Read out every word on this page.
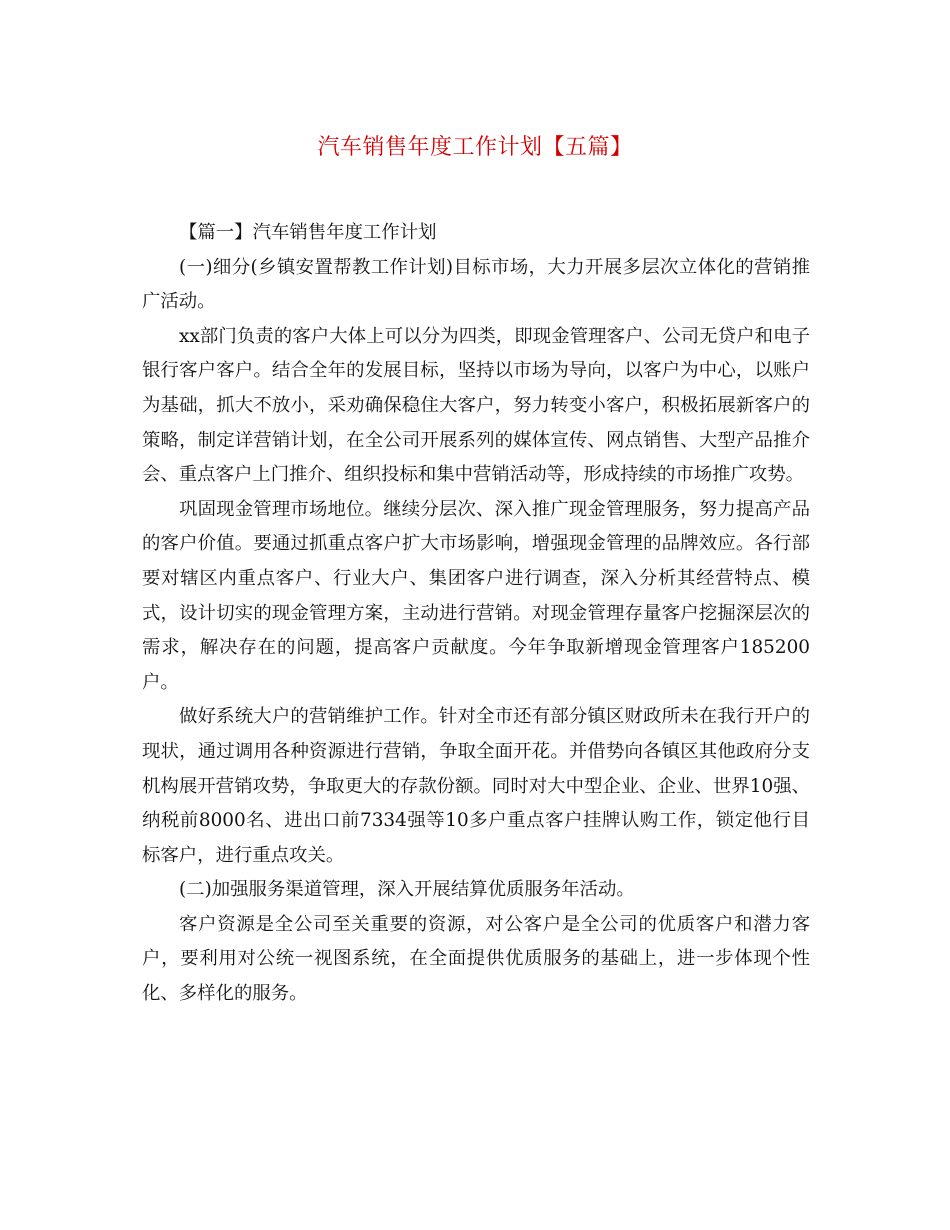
汽车销售年度工作计划【五篇】

【篇一】汽车销售年度工作计划

(一)细分(乡镇安置帮教工作计划)目标市场，大力开展多层次立体化的营销推广活动。

xx部门负责的客户大体上可以分为四类，即现金管理客户、公司无贷户和电子银行客户客户。结合全年的发展目标，坚持以市场为导向，以客户为中心，以账户为基础，抓大不放小，采劝确保稳住大客户，努力转变小客户，积极拓展新客户的策略，制定详营销计划，在全公司开展系列的媒体宣传、网点销售、大型产品推介会、重点客户上门推介、组织投标和集中营销活动等，形成持续的市场推广攻势。

巩固现金管理市场地位。继续分层次、深入推广现金管理服务，努力提高产品的客户价值。要通过抓重点客户扩大市场影响，增强现金管理的品牌效应。各行部要对辖区内重点客户、行业大户、集团客户进行调查，深入分析其经营特点、模式，设计切实的现金管理方案，主动进行营销。对现金管理存量客户挖掘深层次的需求，解决存在的问题，提高客户贡献度。今年争取新增现金管理客户185200户。

做好系统大户的营销维护工作。针对全市还有部分镇区财政所未在我行开户的现状，通过调用各种资源进行营销，争取全面开花。并借势向各镇区其他政府分支机构展开营销攻势，争取更大的存款份额。同时对大中型企业、企业、世界10强、纳税前8000名、进出口前7334强等10多户重点客户挂牌认购工作，锁定他行目标客户，进行重点攻关。

(二)加强服务渠道管理，深入开展结算优质服务年活动。

客户资源是全公司至关重要的资源，对公客户是全公司的优质客户和潜力客户，要利用对公统一视图系统，在全面提供优质服务的基础上，进一步体现个性化、多样化的服务。
